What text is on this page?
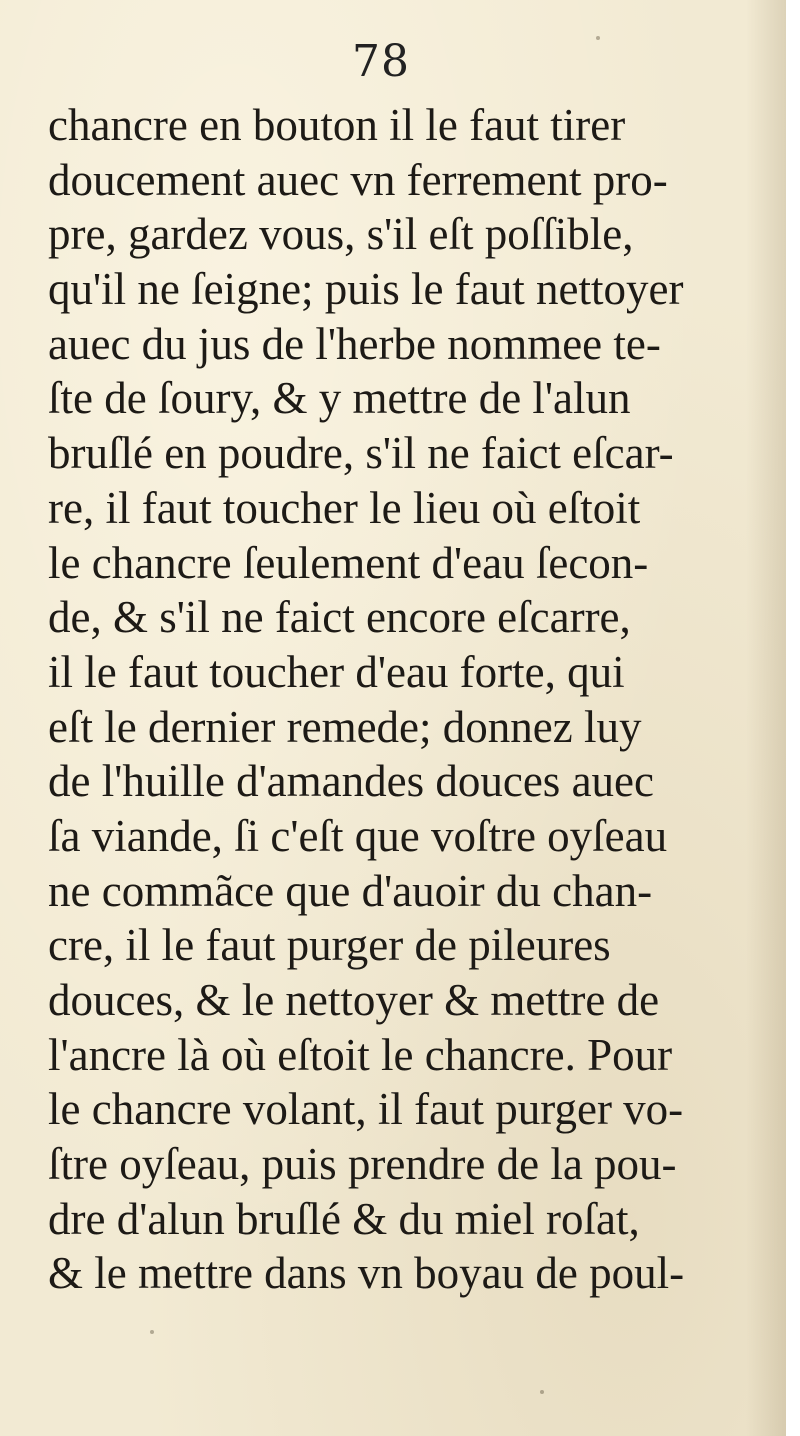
78
chancre en bouton il le faut tirer
doucement auec vn ferrement pro-
pre, gardez vous, s'il eſt poſſible,
qu'il ne ſeigne; puis le faut nettoyer
auec du jus de l'herbe nommee te-
ſte de ſoury, & y mettre de l'alun
bruſlé en poudre, s'il ne faict eſcar-
re, il faut toucher le lieu où eſtoit
le chancre ſeulement d'eau ſecon-
de, & s'il ne faict encore eſcarre,
il le faut toucher d'eau forte, qui
eſt le dernier remede; donnez luy
de l'huille d'amandes douces auec
ſa viande, ſi c'eſt que voſtre oyſeau
ne commãce que d'auoir du chan-
cre, il le faut purger de pileures
douces, & le nettoyer & mettre de
l'ancre là où eſtoit le chancre. Pour
le chancre volant, il faut purger vo-
ſtre oyſeau, puis prendre de la pou-
dre d'alun bruſlé & du miel roſat,
& le mettre dans vn boyau de poul-
